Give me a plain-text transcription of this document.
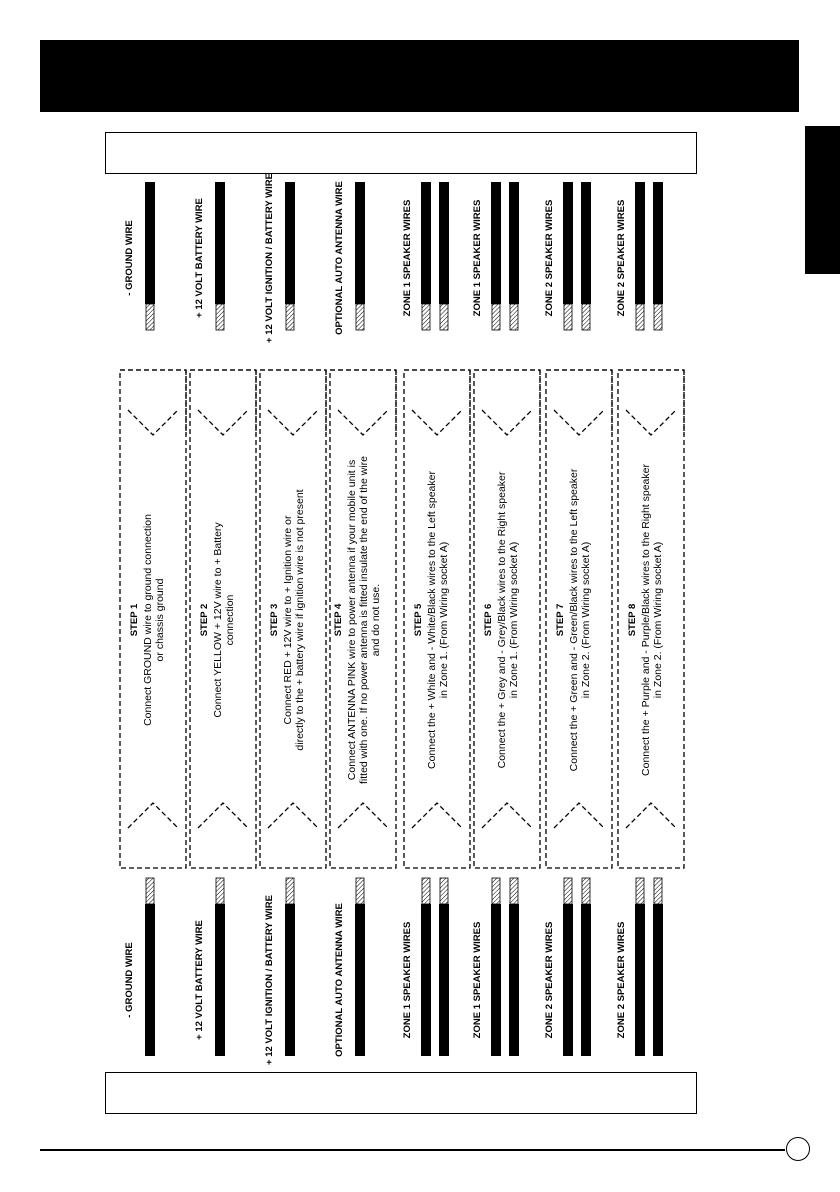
STEP 1 Connect GROUND wire to ground connection or chassis ground
- GROUND WIRE
- GROUND WIRE
STEP 2 Connect YELLOW + 12V wire to + Battery connection
+ 12 VOLT BATTERY WIRE
+ 12 VOLT BATTERY WIRE
STEP 3 Connect RED + 12V wire to + Ignition wire or directly to the + battery wire if ignition wire is not present
+ 12 VOLT IGNITION / BATTERY WIRE
+ 12 VOLT IGNITION / BATTERY WIRE
STEP 4 Connect ANTENNA PINK wire to power antenna if your mobile unit is fitted with one. If no power antenna is fitted insulate the end of the wire and do not use.
OPTIONAL AUTO ANTENNA WIRE
OPTIONAL AUTO ANTENNA WIRE
STEP 5 Connect the + White and - White/Black wires to the Left speaker in Zone 1. (From Wiring socket A)
ZONE 1 SPEAKER WIRES
ZONE 1 SPEAKER WIRES
STEP 6 Connect the + Grey and - Grey/Black wires to the Right speaker in Zone 1. (From Wiring socket A)
ZONE 1 SPEAKER WIRES
ZONE 1 SPEAKER WIRES
STEP 7 Connect the + Green and - Green/Black wires to the Left speaker in Zone 2. (From Wiring socket A)
ZONE 2 SPEAKER WIRES
ZONE 2 SPEAKER WIRES
STEP 8 Connect the + Purple and - Purple/Black wires to the Right speaker in Zone 2. (From Wiring socket A)
ZONE 2 SPEAKER WIRES
ZONE 2 SPEAKER WIRES
